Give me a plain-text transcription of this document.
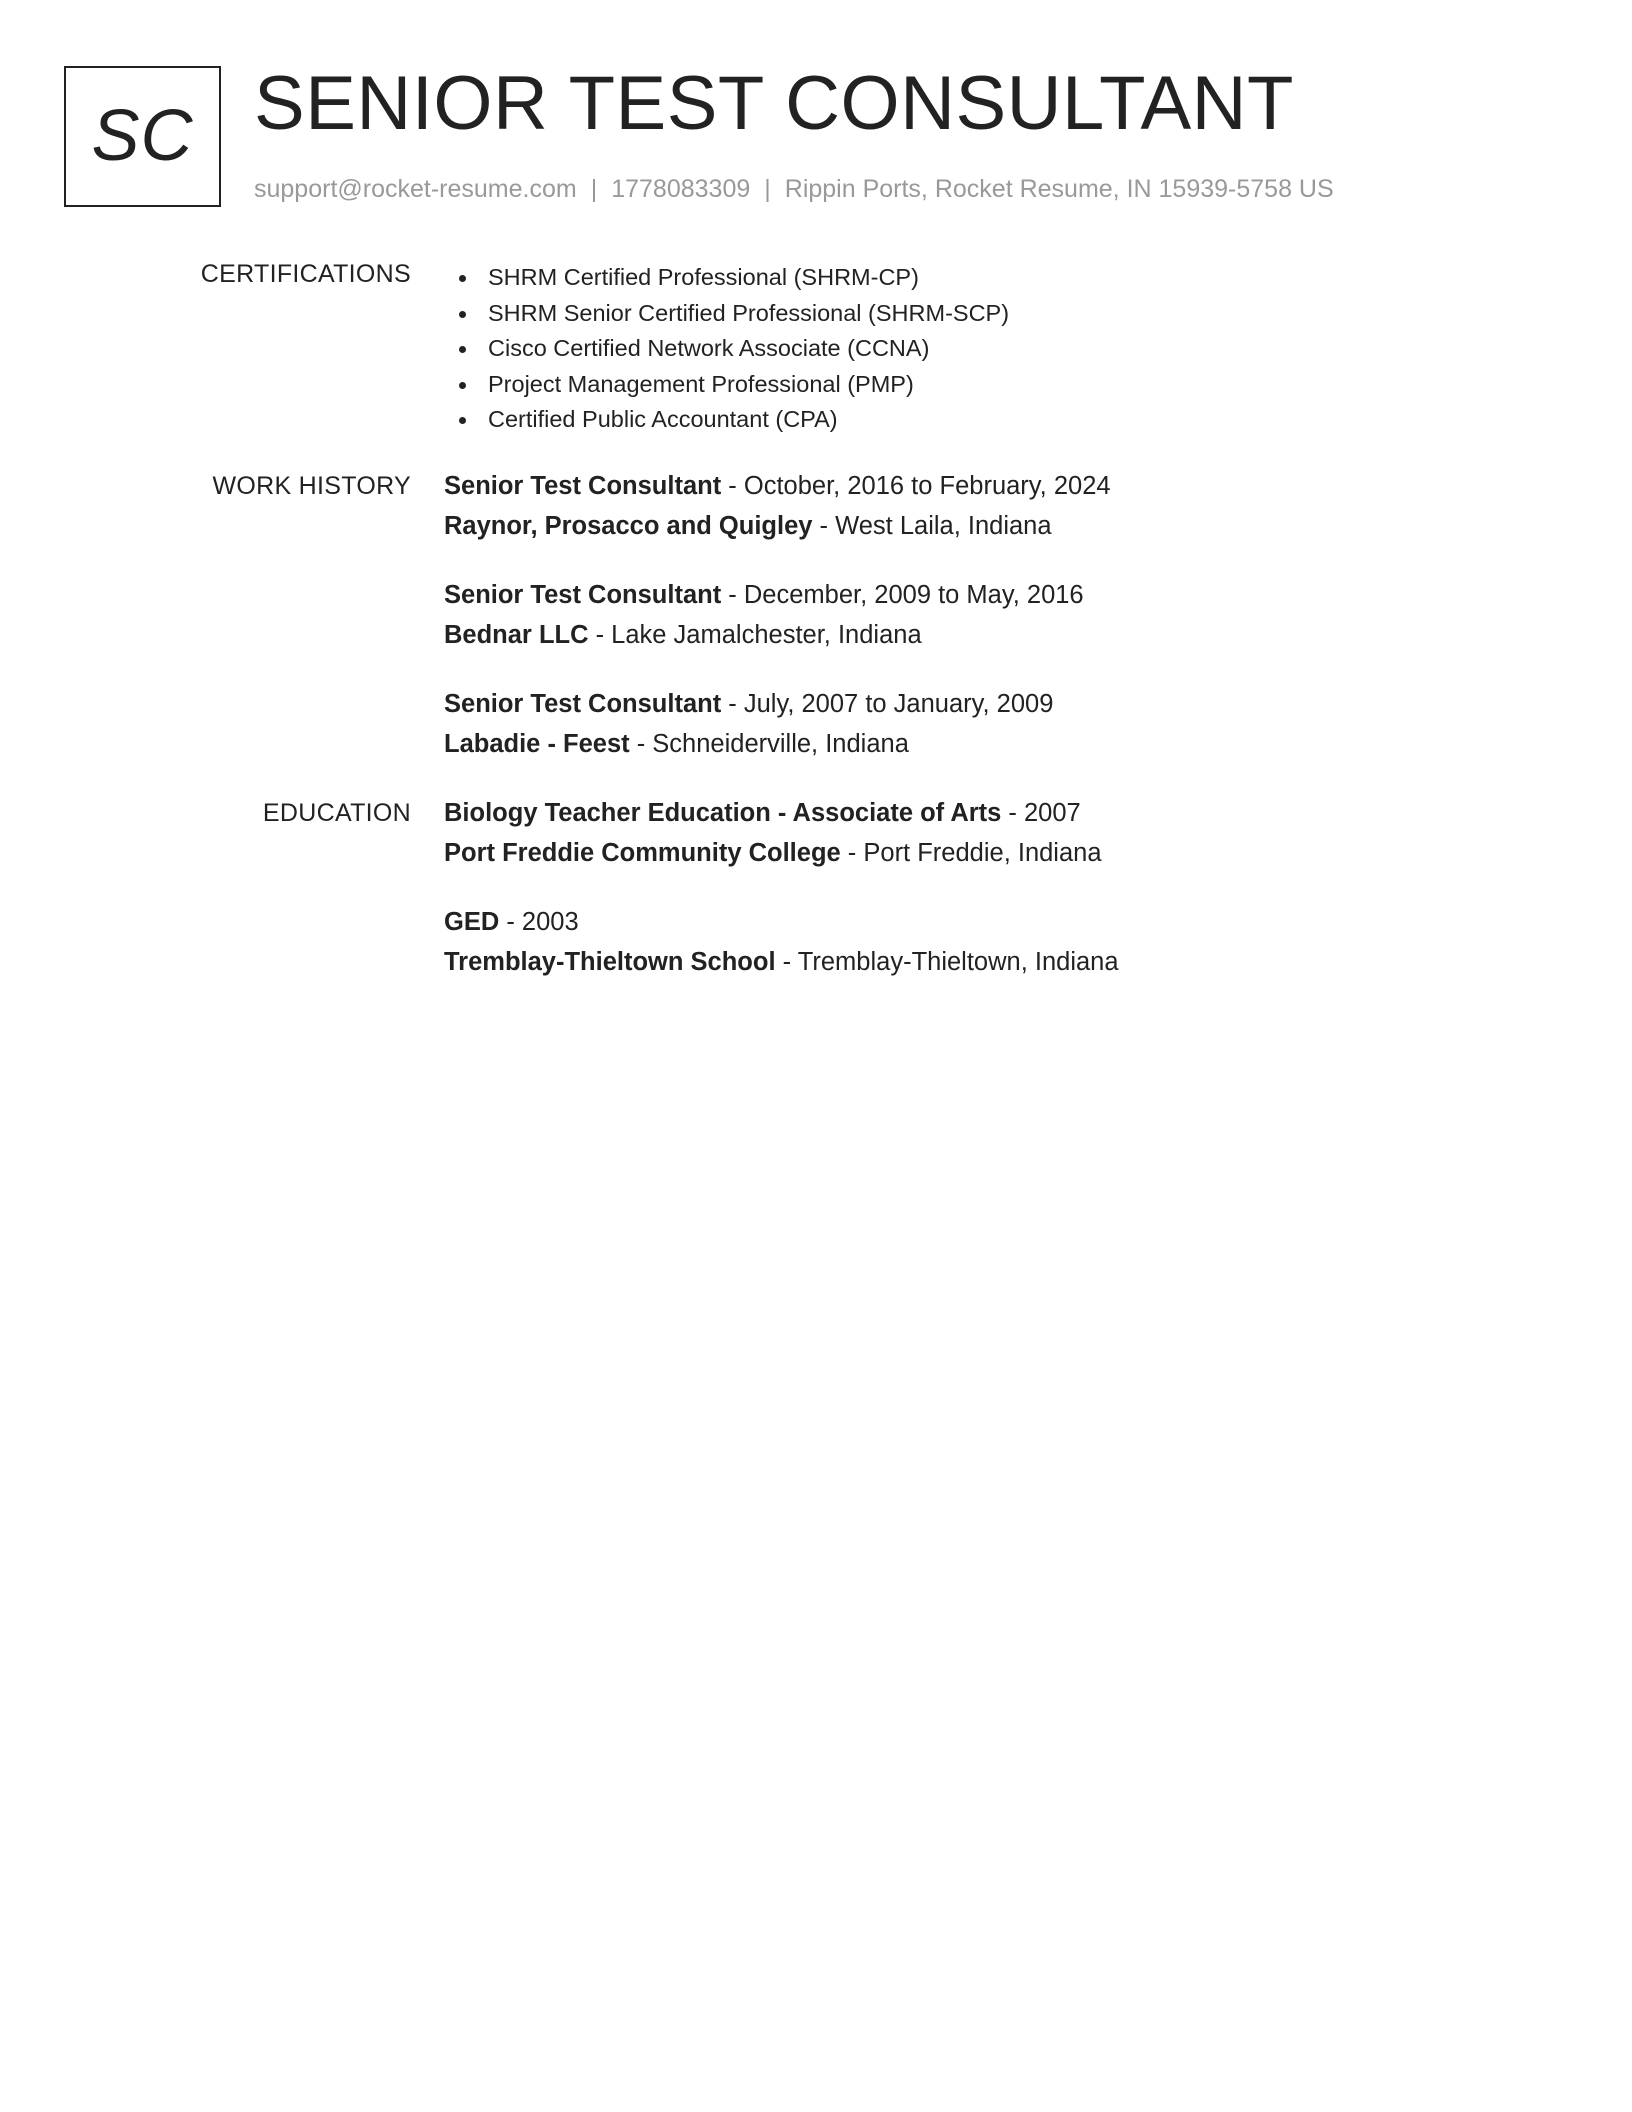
SC SENIOR TEST CONSULTANT
support@rocket-resume.com | 1778083309 | Rippin Ports, Rocket Resume, IN 15939-5758 US
CERTIFICATIONS	SHRM Certified Professional (SHRM-CP)
SHRM Senior Certified Professional (SHRM-SCP)
Cisco Certified Network Associate (CCNA)
Project Management Professional (PMP)
Certified Public Accountant (CPA)
WORK HISTORY Senior Test Consultant - October, 2016 to February, 2024
Raynor, Prosacco and Quigley - West Laila, Indiana
Senior Test Consultant - December, 2009 to May, 2016
Bednar LLC - Lake Jamalchester, Indiana
Senior Test Consultant - July, 2007 to January, 2009
Labadie - Feest - Schneiderville, Indiana
EDUCATION Biology Teacher Education - Associate of Arts - 2007
Port Freddie Community College - Port Freddie, Indiana
GED - 2003
Tremblay-Thieltown School - Tremblay-Thieltown, Indiana
